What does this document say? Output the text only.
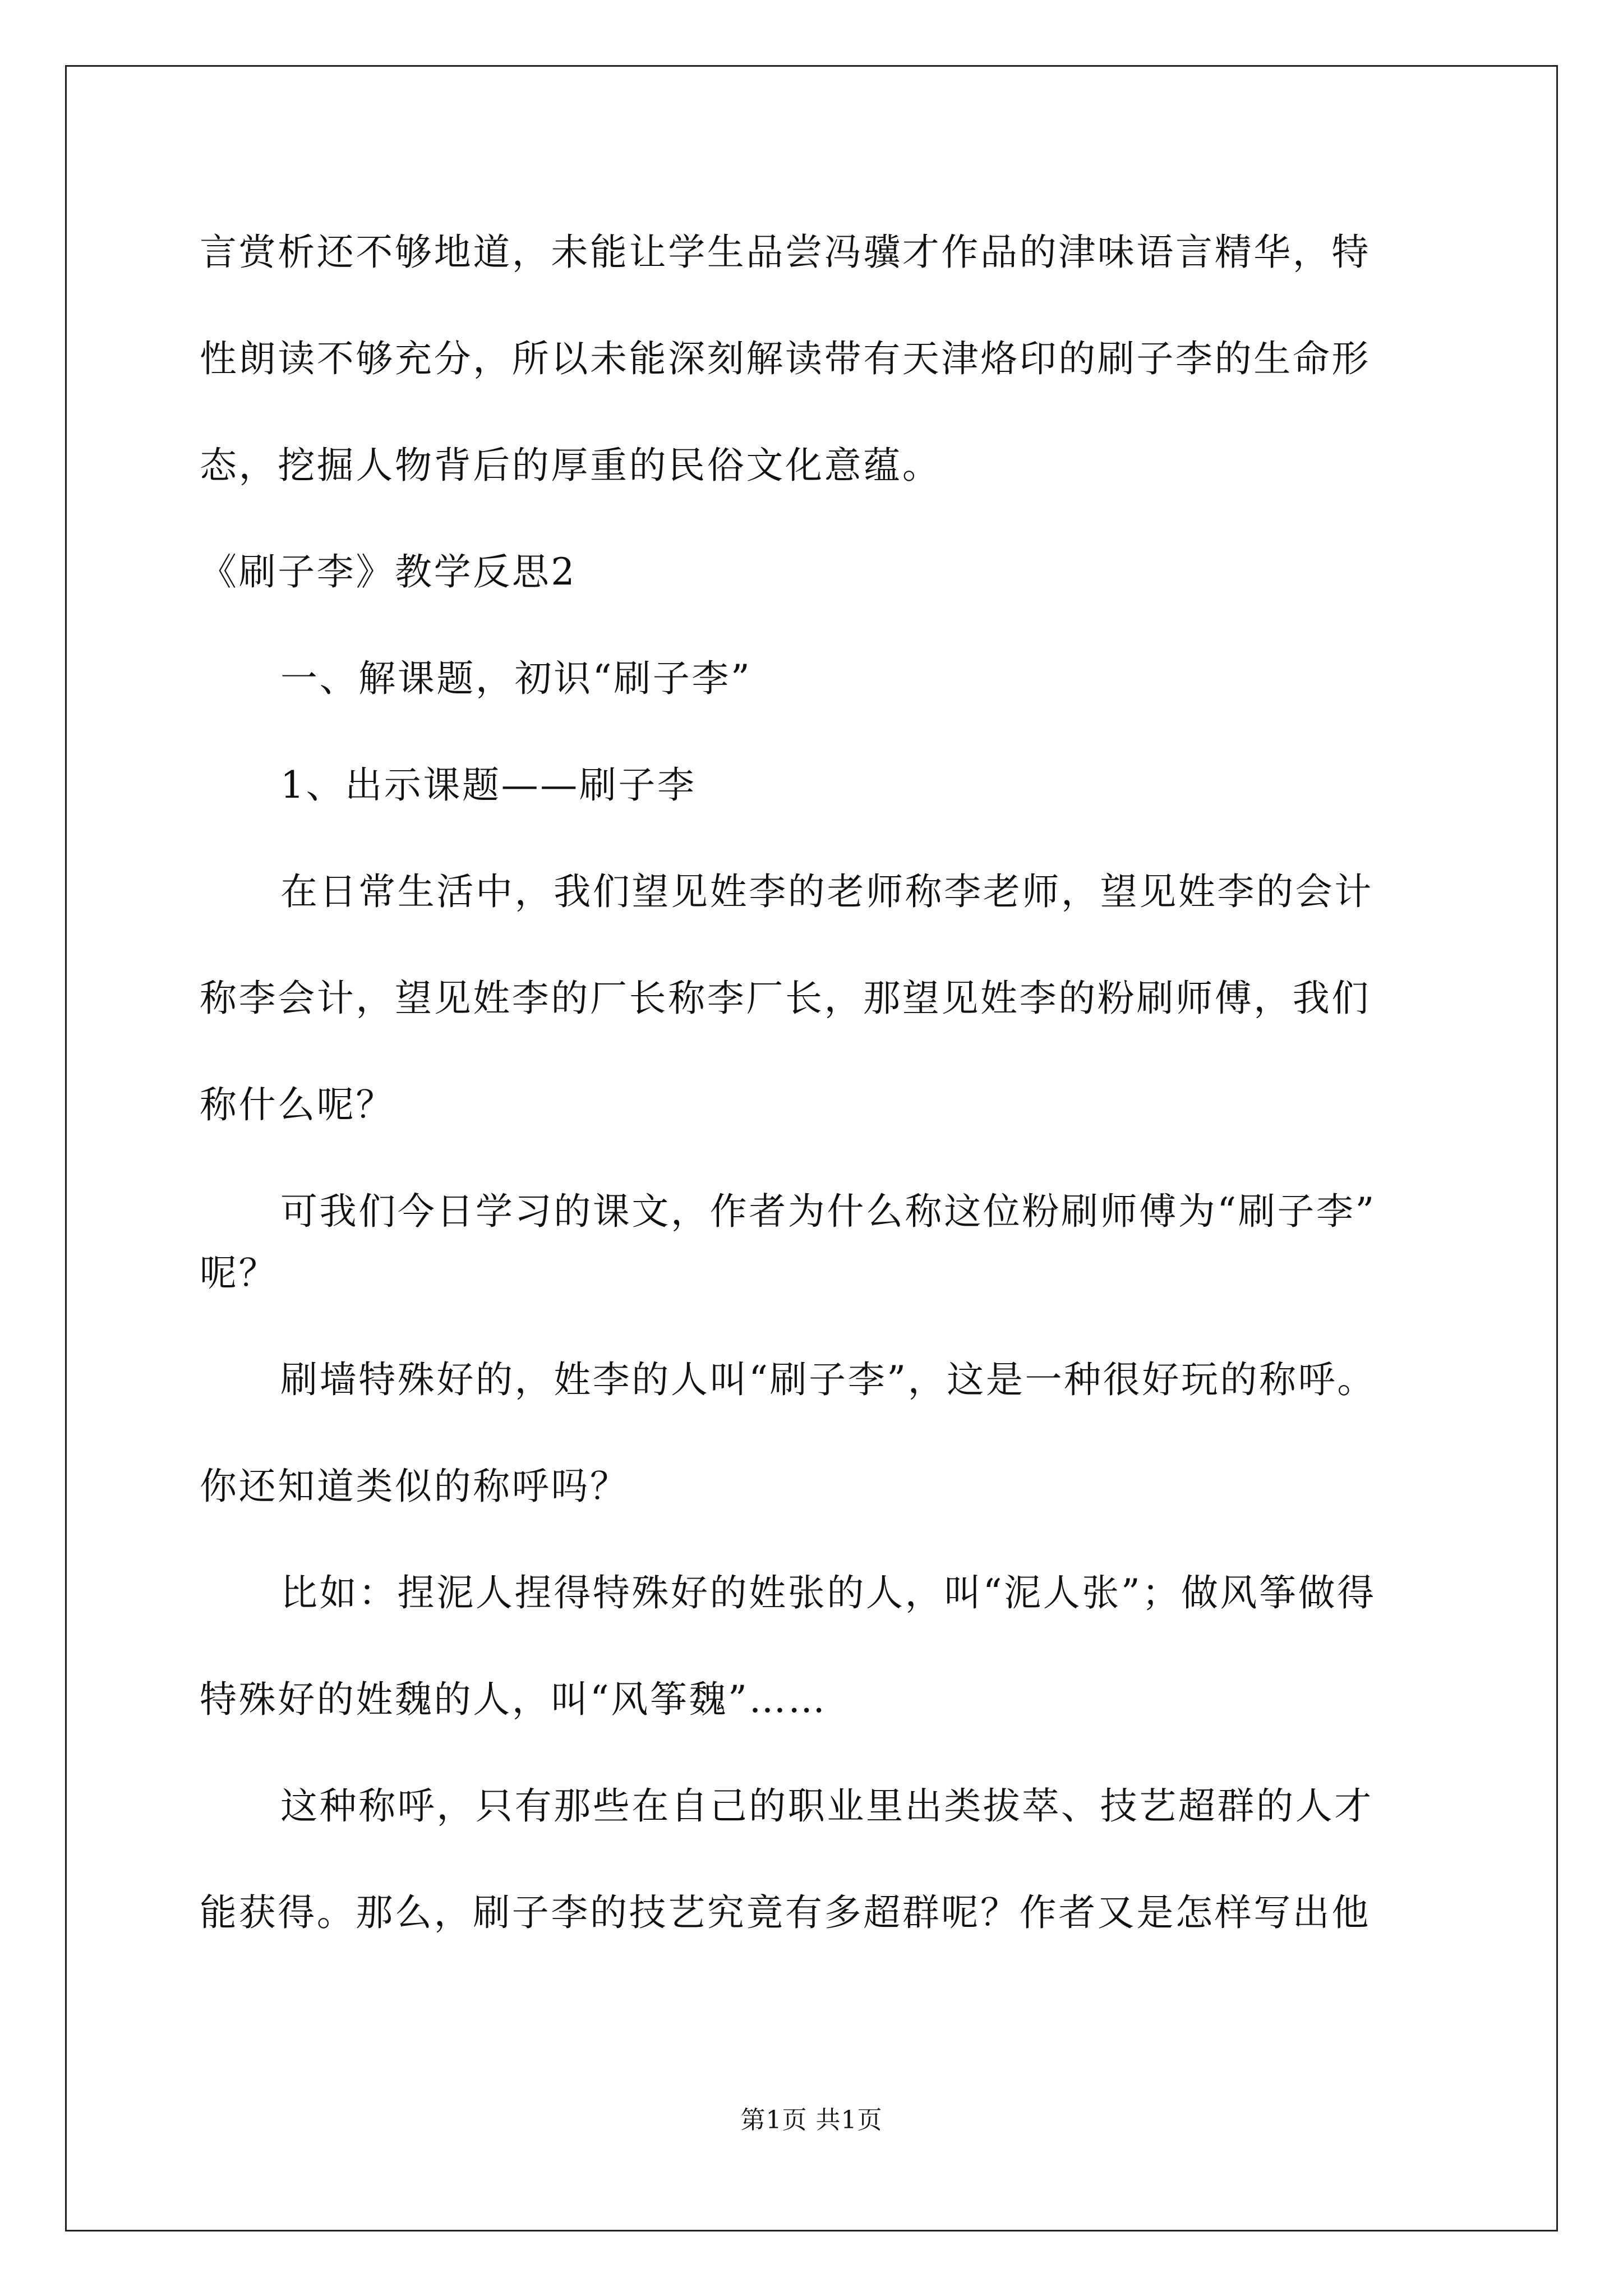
言赏析还不够地道，未能让学生品尝冯骥才作品的津味语言精华，特
性朗读不够充分，所以未能深刻解读带有天津烙印的刷子李的生命形
态，挖掘人物背后的厚重的民俗文化意蕴。
《刷子李》教学反思2
一、解课题，初识“刷子李”
1、出示课题——刷子李
在日常生活中，我们望见姓李的老师称李老师，望见姓李的会计
称李会计，望见姓李的厂长称李厂长，那望见姓李的粉刷师傅，我们
称什么呢？
可我们今日学习的课文，作者为什么称这位粉刷师傅为“刷子李”
呢？
刷墙特殊好的，姓李的人叫“刷子李”，这是一种很好玩的称呼。
你还知道类似的称呼吗？
比如：捏泥人捏得特殊好的姓张的人，叫“泥人张”；做风筝做得
特殊好的姓魏的人，叫“风筝魏”……
这种称呼，只有那些在自己的职业里出类拔萃、技艺超群的人才
能获得。那么，刷子李的技艺究竟有多超群呢？作者又是怎样写出他
第1页 共1页
